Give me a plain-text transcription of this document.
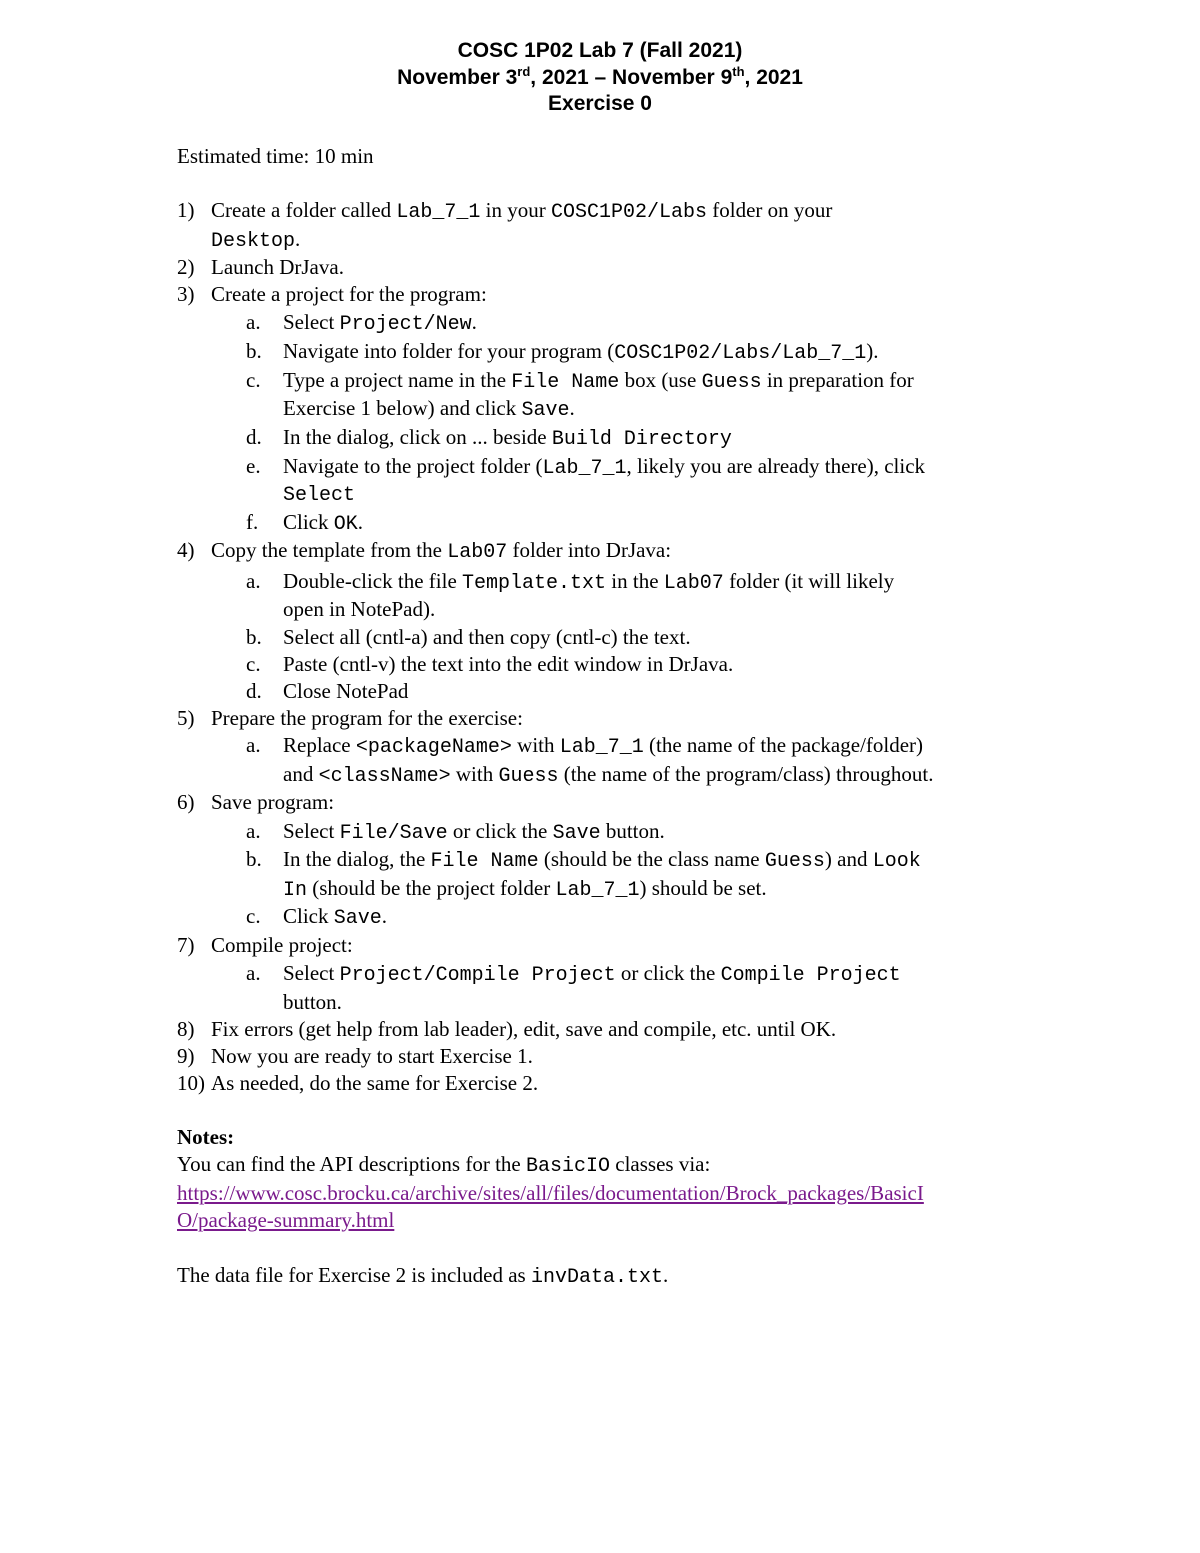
COSC 1P02 Lab 7 (Fall 2021)
November 3rd, 2021 – November 9th, 2021
Exercise 0
Estimated time: 10 min
1) Create a folder called Lab_7_1 in your COSC1P02/Labs folder on your
Desktop.
2) Launch DrJava.
3) Create a project for the program:
a. Select Project/New.
b. Navigate into folder for your program (COSC1P02/Labs/Lab_7_1).
c. Type a project name in the File Name box (use Guess in preparation for
Exercise 1 below) and click Save.
d. In the dialog, click on ... beside Build Directory
e. Navigate to the project folder (Lab_7_1, likely you are already there), click
Select
f. Click OK.
4) Copy the template from the Lab07 folder into DrJava:
a. Double-click the file Template.txt in the Lab07 folder (it will likely
open in NotePad).
b. Select all (cntl-a) and then copy (cntl-c) the text.
c. Paste (cntl-v) the text into the edit window in DrJava.
d. Close NotePad
5) Prepare the program for the exercise:
a. Replace <packageName> with Lab_7_1 (the name of the package/folder)
and <className> with Guess (the name of the program/class) throughout.
6) Save program:
a. Select File/Save or click the Save button.
b. In the dialog, the File Name (should be the class name Guess) and Look
In (should be the project folder Lab_7_1) should be set.
c. Click Save.
7) Compile project:
a. Select Project/Compile Project or click the Compile Project
button.
8) Fix errors (get help from lab leader), edit, save and compile, etc. until OK.
9) Now you are ready to start Exercise 1.
10) As needed, do the same for Exercise 2.
Notes:
You can find the API descriptions for the BasicIO classes via:
https://www.cosc.brocku.ca/archive/sites/all/files/documentation/Brock_packages/BasicI
O/package-summary.html
The data file for Exercise 2 is included as invData.txt.
